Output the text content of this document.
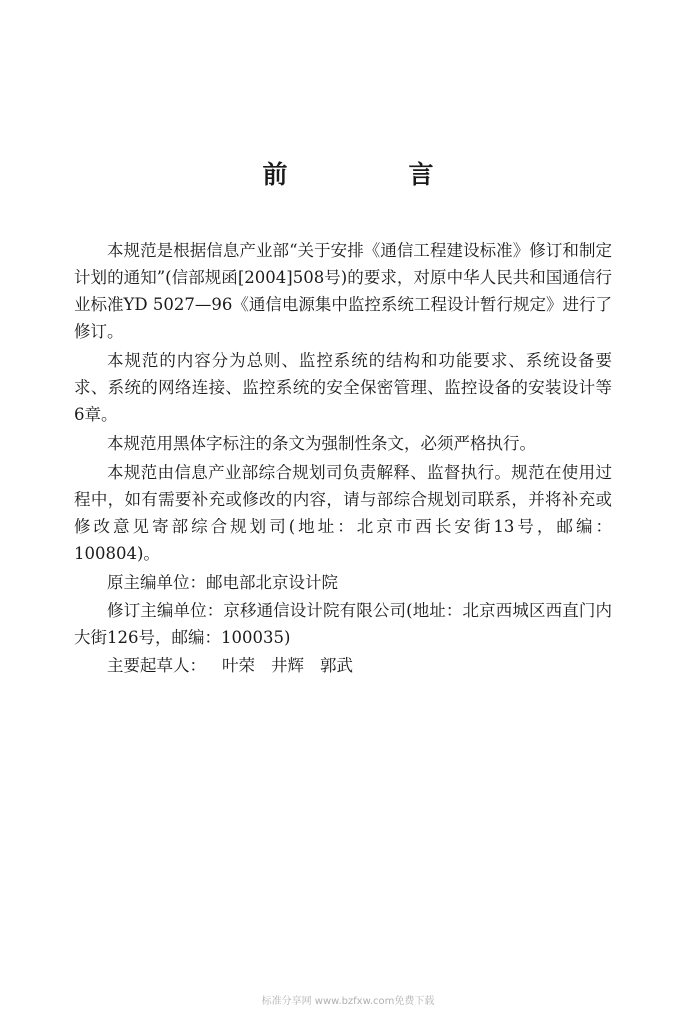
前　言

本规范是根据信息产业部“关于安排《通信工程建设标准》修订和制定计划的通知”(信部规函[2004]508号)的要求，对原中华人民共和国通信行业标准YD 5027—96《通信电源集中监控系统工程设计暂行规定》进行了修订。

本规范的内容分为总则、监控系统的结构和功能要求、系统设备要求、系统的网络连接、监控系统的安全保密管理、监控设备的安装设计等6章。

本规范用黑体字标注的条文为强制性条文，必须严格执行。

本规范由信息产业部综合规划司负责解释、监督执行。规范在使用过程中，如有需要补充或修改的内容，请与部综合规划司联系，并将补充或修改意见寄部综合规划司(地址：北京市西长安街13号，邮编：100804)。

原主编单位：邮电部北京设计院

修订主编单位：京移通信设计院有限公司(地址：北京西城区西直门内大街126号，邮编：100035)

主要起草人： 叶荣 井辉 郭武

标准分享网 www.bzfxw.com免费下载
